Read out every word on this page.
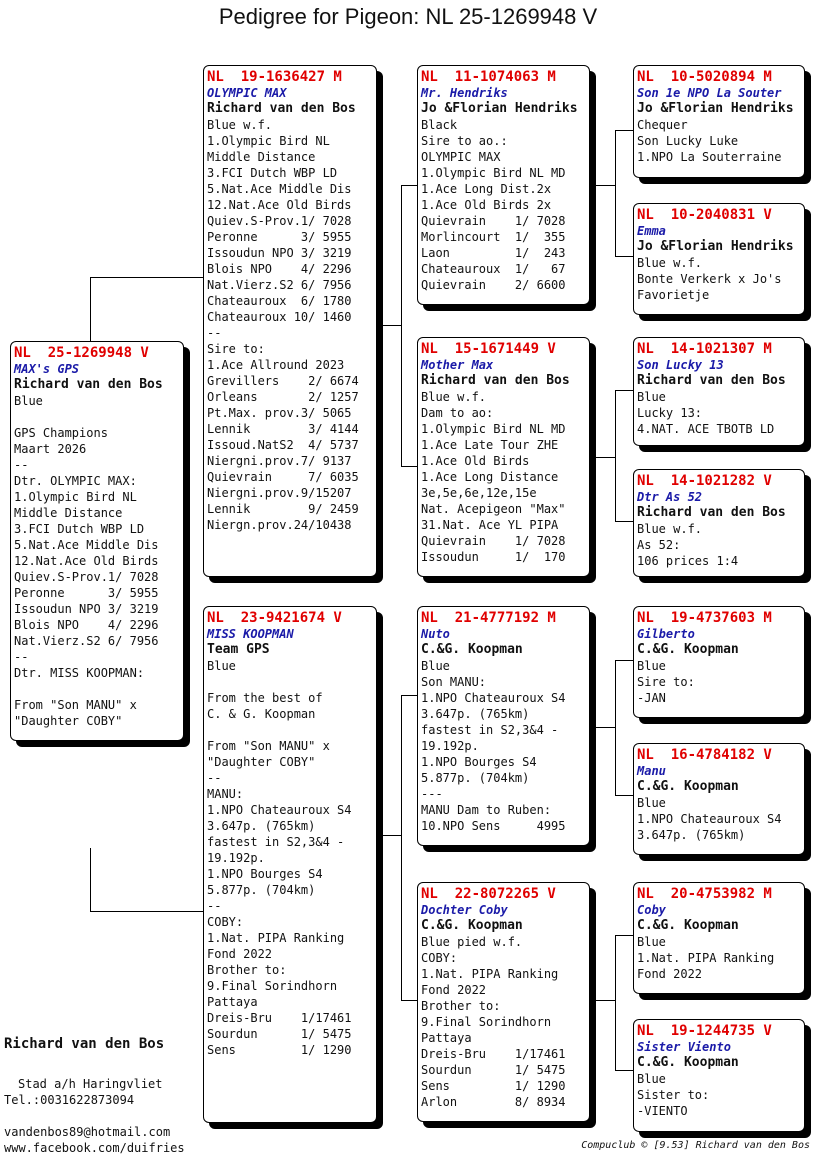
Pedigree for Pigeon: NL 25-1269948 V
NL  25-1269948 V
MAX's GPS
Richard van den Bos
Blue
GPS Champions
Maart 2026
--
Dtr. OLYMPIC MAX:
1.Olympic Bird NL
Middle Distance
3.FCI Dutch WBP LD
5.Nat.Ace Middle Dis
12.Nat.Ace Old Birds
Quiev.S-Prov.1/ 7028
Peronne      3/ 5955
Issoudun NPO 3/ 3219
Blois NPO    4/ 2296
Nat.Vierz.S2 6/ 7956
--
Dtr. MISS KOOPMAN:
From "Son MANU" x
"Daughter COBY"
NL  19-1636427 M
OLYMPIC MAX
Richard van den Bos
Blue w.f.
1.Olympic Bird NL
Middle Distance
3.FCI Dutch WBP LD
5.Nat.Ace Middle Dis
12.Nat.Ace Old Birds
Quiev.S-Prov.1/ 7028
Peronne      3/ 5955
Issoudun NPO 3/ 3219
Blois NPO    4/ 2296
Nat.Vierz.S2 6/ 7956
Chateauroux  6/ 1780
Chateauroux 10/ 1460
--
Sire to:
1.Ace Allround 2023
Grevillers    2/ 6674
Orleans       2/ 1257
Pt.Max. prov.3/ 5065
Lennik        3/ 4144
Issoud.NatS2  4/ 5737
Niergni.prov.7/ 9137
Quievrain     7/ 6035
Niergni.prov.9/15207
Lennik        9/ 2459
Niergn.prov.24/10438
NL  23-9421674 V
MISS KOOPMAN
Team GPS
Blue
From the best of
C. & G. Koopman
From "Son MANU" x
"Daughter COBY"
--
MANU:
1.NPO Chateauroux S4
3.647p. (765km)
fastest in S2,3&4 -
19.192p.
1.NPO Bourges S4
5.877p. (704km)
--
COBY:
1.Nat. PIPA Ranking
Fond 2022
Brother to:
9.Final Sorindhorn
Pattaya
Dreis-Bru    1/17461
Sourdun      1/ 5475
Sens         1/ 1290
NL  11-1074063 M
Mr. Hendriks
Jo &Florian Hendriks
Black
Sire to ao.:
OLYMPIC MAX
1.Olympic Bird NL MD
1.Ace Long Dist.2x
1.Ace Old Birds 2x
Quievrain    1/ 7028
Morlincourt  1/  355
Laon         1/  243
Chateauroux  1/   67
Quievrain    2/ 6600
NL  15-1671449 V
Mother Max
Richard van den Bos
Blue w.f.
Dam to ao:
1.Olympic Bird NL MD
1.Ace Late Tour ZHE
1.Ace Old Birds
1.Ace Long Distance
3e,5e,6e,12e,15e
Nat. Acepigeon "Max"
31.Nat. Ace YL PIPA
Quievrain    1/ 7028
Issoudun     1/  170
NL  21-4777192 M
Nuto
C.&G. Koopman
Blue
Son MANU:
1.NPO Chateauroux S4
3.647p. (765km)
fastest in S2,3&4 -
19.192p.
1.NPO Bourges S4
5.877p. (704km)
---
MANU Dam to Ruben:
10.NPO Sens     4995
NL  22-8072265 V
Dochter Coby
C.&G. Koopman
Blue pied w.f.
COBY:
1.Nat. PIPA Ranking
Fond 2022
Brother to:
9.Final Sorindhorn
Pattaya
Dreis-Bru    1/17461
Sourdun      1/ 5475
Sens         1/ 1290
Arlon        8/ 8934
NL  10-5020894 M
Son 1e NPO La Souter
Jo &Florian Hendriks
Chequer
Son Lucky Luke
1.NPO La Souterraine
NL  10-2040831 V
Emma
Jo &Florian Hendriks
Blue w.f.
Bonte Verkerk x Jo's
Favorietje
NL  14-1021307 M
Son Lucky 13
Richard van den Bos
Blue
Lucky 13:
4.NAT. ACE TBOTB LD
NL  14-1021282 V
Dtr As 52
Richard van den Bos
Blue w.f.
As 52:
106 prices 1:4
NL  19-4737603 M
Gilberto
C.&G. Koopman
Blue
Sire to:
-JAN
NL  16-4784182 V
Manu
C.&G. Koopman
Blue
1.NPO Chateauroux S4
3.647p. (765km)
NL  20-4753982 M
Coby
C.&G. Koopman
Blue
1.Nat. PIPA Ranking
Fond 2022
NL  19-1244735 V
Sister Viento
C.&G. Koopman
Blue
Sister to:
-VIENTO
Richard van den Bos
Stad a/h Haringvliet
Tel.:0031622873094
vandenbos89@hotmail.com
www.facebook.com/duifries	Compuclub © [9.53] Richard van den Bos
